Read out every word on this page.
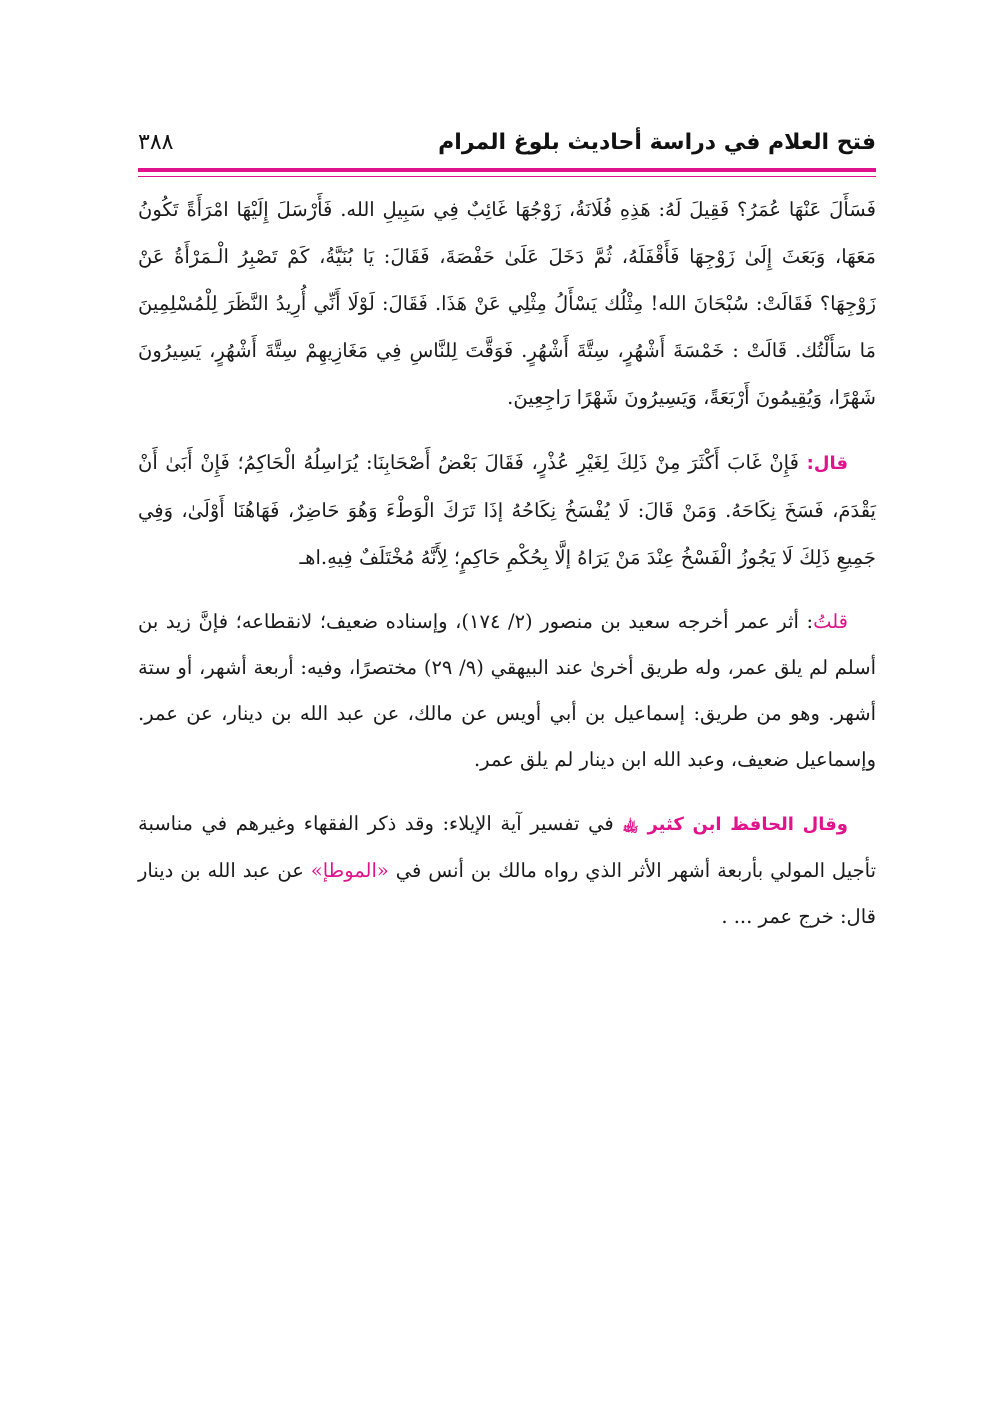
فتح العلام في دراسة أحاديث بلوغ المرام
٣٨٨

فَسَأَلَ عَنْهَا عُمَرُ؟ فَقِيلَ لَهُ: هَذِهِ فُلَانَةُ، زَوْجُهَا غَائِبٌ فِي سَبِيلِ الله. فَأَرْسَلَ إِلَيْهَا امْرَأَةً تَكُونُ مَعَهَا، وَبَعَثَ إِلَىٰ زَوْجِهَا فَأَقْفَلَهُ، ثُمَّ دَخَلَ عَلَىٰ حَفْصَةَ، فَقَالَ: يَا بُنَيَّةُ، كَمْ تَصْبِرُ الْـمَرْأَةُ عَنْ زَوْجِهَا؟ فَقَالَتْ: سُبْحَانَ الله! مِثْلُك يَسْأَلُ مِثْلِي عَنْ هَذَا. فَقَالَ: لَوْلَا أَنِّي أُرِيدُ النَّظَرَ لِلْمُسْلِمِينَ مَا سَأَلْتُك. قَالَتْ : خَمْسَةَ أَشْهُرٍ، سِتَّةَ أَشْهُرٍ. فَوَقَّتَ لِلنَّاسِ فِي مَغَازِيهِمْ سِتَّةَ أَشْهُرٍ، يَسِيرُونَ شَهْرًا، وَيُقِيمُونَ أَرْبَعَةً، وَيَسِيرُونَ شَهْرًا رَاجِعِينَ.

قال: فَإِنْ غَابَ أَكْثَرَ مِنْ ذَلِكَ لِغَيْرِ عُذْرٍ، فَقَالَ بَعْضُ أَصْحَابِنَا: يُرَاسِلُهُ الْحَاكِمُ؛ فَإِنْ أَبَىٰ أَنْ يَقْدَمَ، فَسَخَ نِكَاحَهُ. وَمَنْ قَالَ: لَا يُفْسَخُ نِكَاحُهُ إذَا تَرَكَ الْوَطْءَ وَهُوَ حَاضِرٌ، فَهَاهُنَا أَوْلَىٰ، وَفِي جَمِيعِ ذَلِكَ لَا يَجُوزُ الْفَسْخُ عِنْدَ مَنْ يَرَاهُ إلَّا بِحُكْمِ حَاكِمٍ؛ لِأَنَّهُ مُخْتَلَفٌ فِيهِ.اهـ

قلتُ: أثر عمر أخرجه سعيد بن منصور (٢/ ١٧٤)، وإسناده ضعيف؛ لانقطاعه؛ فإنَّ زيد بن أسلم لم يلق عمر، وله طريق أخرىٰ عند البيهقي (٩/ ٢٩) مختصرًا، وفيه: أربعة أشهر، أو ستة أشهر. وهو من طريق: إسماعيل بن أبي أويس عن مالك، عن عبد الله بن دينار، عن عمر. وإسماعيل ضعيف، وعبد الله ابن دينار لم يلق عمر.

وقال الحافظ ابن كثير ﵀ في تفسير آية الإيلاء: وقد ذكر الفقهاء وغيرهم في مناسبة تأجيل المولي بأربعة أشهر الأثر الذي رواه مالك بن أنس في «الموطإ» عن عبد الله بن دينار قال: خرج عمر ... .
